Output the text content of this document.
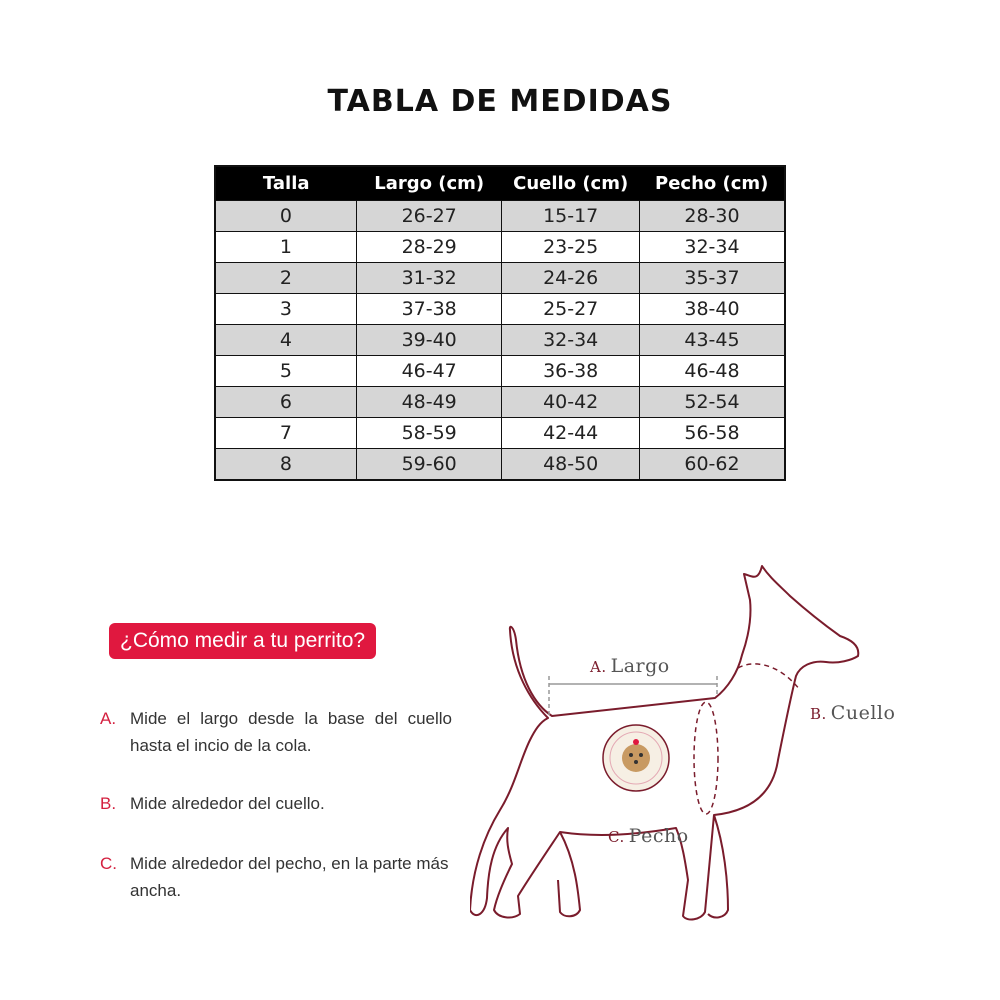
TABLA DE MEDIDAS
Talla	Largo (cm)	Cuello (cm)	Pecho (cm)
0	26-27	15-17	28-30
1	28-29	23-25	32-34
2	31-32	24-26	35-37
3	37-38	25-27	38-40
4	39-40	32-34	43-45
5	46-47	36-38	46-48
6	48-49	40-42	52-54
7	58-59	42-44	56-58
8	59-60	48-50	60-62
¿Cómo medir a tu perrito?
A. Mide el largo desde la base del cuello hasta el incio de la cola.
B. Mide alrededor del cuello.
C. Mide alrededor del pecho, en la parte más ancha.
A. Largo
B. Cuello
C. Pecho
